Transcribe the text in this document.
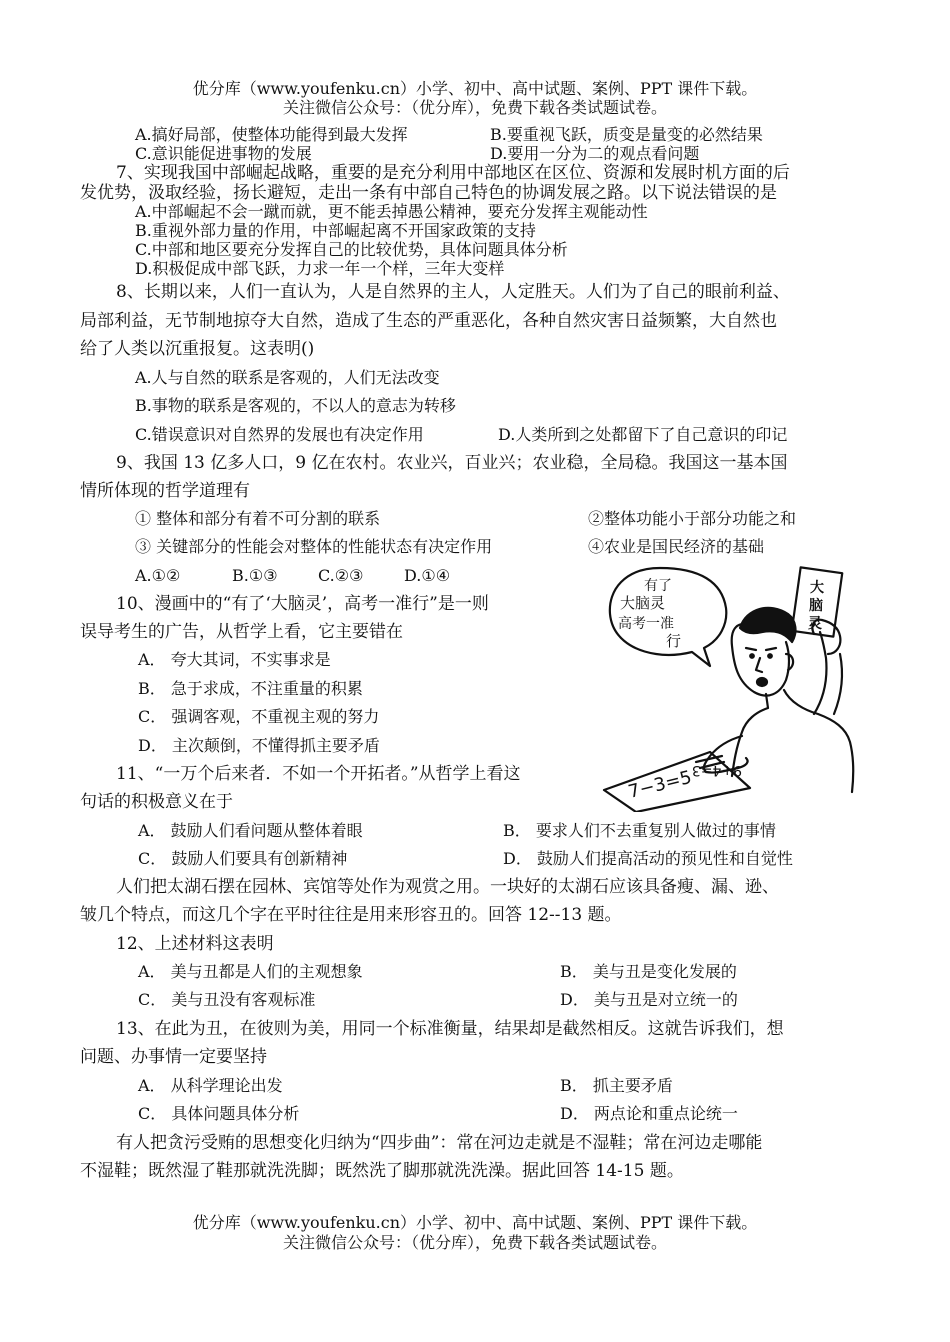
优分库（www.youfenku.cn）小学、初中、高中试题、案例、PPT 课件下载。
关注微信公众号：（优分库），免费下载各类试题试卷。
A.搞好局部，使整体功能得到最大发挥	B.要重视飞跃，质变是量变的必然结果
C.意识能促进事物的发展	D.要用一分为二的观点看问题
7、实现我国中部崛起战略，重要的是充分利用中部地区在区位、资源和发展时机方面的后
发优势，汲取经验，扬长避短，走出一条有中部自己特色的协调发展之路。以下说法错误的是
A.中部崛起不会一蹴而就，更不能丢掉愚公精神，要充分发挥主观能动性
B.重视外部力量的作用，中部崛起离不开国家政策的支持
C.中部和地区要充分发挥自己的比较优势，具体问题具体分析
D.积极促成中部飞跃，力求一年一个样，三年大变样
8、长期以来，人们一直认为，人是自然界的主人，人定胜天。人们为了自己的眼前利益、
局部利益，无节制地掠夺大自然，造成了生态的严重恶化，各种自然灾害日益频繁，大自然也
给了人类以沉重报复。这表明()
A.人与自然的联系是客观的，人们无法改变
B.事物的联系是客观的，不以人的意志为转移
C.错误意识对自然界的发展也有决定作用	D.人类所到之处都留下了自己意识的印记
9、我国 13 亿多人口，9 亿在农村。农业兴，百业兴；农业稳，全局稳。我国这一基本国
情所体现的哲学道理有
① 整体和部分有着不可分割的联系	②整体功能小于部分功能之和
③ 关键部分的性能会对整体的性能状态有决定作用	④农业是国民经济的基础
A.①②	B.①③	C.②③	D.①④
10、漫画中的“有了‘大脑灵’，高考一准行”是一则
误导考生的广告，从哲学上看，它主要错在
A． 夸大其词，不实事求是
B． 急于求成，不注重量的积累
C． 强调客观，不重视主观的努力
D． 主次颠倒，不懂得抓主要矛盾
有了
大脑灵
高考一准
行
大
脑
灵
7−3=5
9+4=3
11、“一万个后来者．不如一个开拓者。”从哲学上看这
句话的积极意义在于
A． 鼓励人们看问题从整体着眼	B． 要求人们不去重复别人做过的事情
C． 鼓励人们要具有创新精神	D． 鼓励人们提高活动的预见性和自觉性
人们把太湖石摆在园林、宾馆等处作为观赏之用。一块好的太湖石应该具备瘦、漏、逊、
皱几个特点，而这几个字在平时往往是用来形容丑的。回答 12--13 题。
12、上述材料这表明
A． 美与丑都是人们的主观想象	B． 美与丑是变化发展的
C． 美与丑没有客观标准	D． 美与丑是对立统一的
13、在此为丑，在彼则为美，用同一个标准衡量，结果却是截然相反。这就告诉我们，想
问题、办事情一定要坚持
A． 从科学理论出发	B． 抓主要矛盾
C． 具体问题具体分析	D． 两点论和重点论统一
有人把贪污受贿的思想变化归纳为“四步曲”：常在河边走就是不湿鞋；常在河边走哪能
不湿鞋；既然湿了鞋那就洗洗脚；既然洗了脚那就洗洗澡。据此回答 14-15 题。
优分库（www.youfenku.cn）小学、初中、高中试题、案例、PPT 课件下载。
关注微信公众号：（优分库），免费下载各类试题试卷。
